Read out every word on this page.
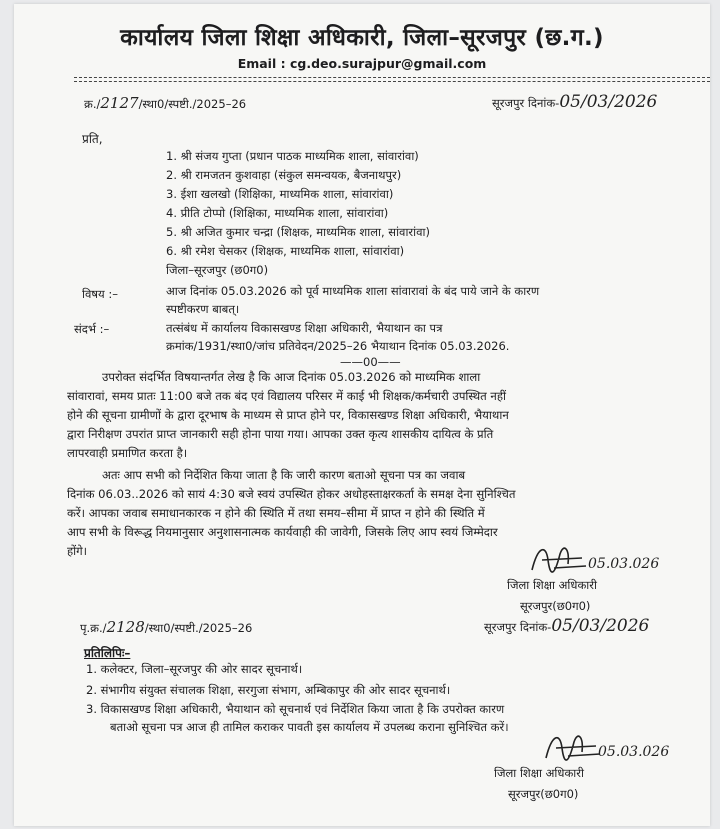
कार्यालय जिला शिक्षा अधिकारी, जिला–सूरजपुर (छ.ग.)
Email : cg.deo.surajpur@gmail.com
क्र./2127/स्था0/स्पष्टी./2025–26	सूरजपुर दिनांक-05/03/2026
प्रति,
1. श्री संजय गुप्ता (प्रधान पाठक माध्यमिक शाला, सांवारांवा)
2. श्री रामजतन कुशवाहा (संकुल समन्वयक, बैजनाथपुर)
3. ईशा खलखो (शिक्षिका, माध्यमिक शाला, सांवारांवा)
4. प्रीति टोप्पो (शिक्षिका, माध्यमिक शाला, सांवारांवा)
5. श्री अजित कुमार चन्द्रा (शिक्षक, माध्यमिक शाला, सांवारांवा)
6. श्री रमेश चेसकर (शिक्षक, माध्यमिक शाला, सांवारांवा)
जिला–सूरजपुर (छ0ग0)
विषय :–	आज दिनांक 05.03.2026 को पूर्व माध्यमिक शाला सांवारावां के बंद पाये जाने के कारण
स्पष्टीकरण बाबत्।
संदर्भ :–	तत्संबंध में कार्यालय विकासखण्ड शिक्षा अधिकारी, भैयाथान का पत्र
क्रमांक/1931/स्था0/जांच प्रतिवेदन/2025–26 भैयाथान दिनांक 05.03.2026.
——00——
उपरोक्त संदर्भित विषयान्तर्गत लेख है कि आज दिनांक 05.03.2026 को माध्यमिक शाला
सांवारावां, समय प्रातः 11:00 बजे तक बंद एवं विद्यालय परिसर में काई भी शिक्षक/कर्मचारी उपस्थित नहीं
होने की सूचना ग्रामीणों के द्वारा दूरभाष के माध्यम से प्राप्त होने पर, विकासखण्ड शिक्षा अधिकारी, भैयाथान
द्वारा निरीक्षण उपरांत प्राप्त जानकारी सही होना पाया गया। आपका उक्त कृत्य शासकीय दायित्व के प्रति
लापरवाही प्रमाणित करता है।
अतः आप सभी को निर्देशित किया जाता है कि जारी कारण बताओ सूचना पत्र का जवाब
दिनांक 06.03..2026 को सायं 4:30 बजे स्वयं उपस्थित होकर अधोहस्ताक्षरकर्ता के समक्ष देना सुनिश्चित
करें। आपका जवाब समाधानकारक न होने की स्थिति में तथा समय–सीमा में प्राप्त न होने की स्थिति में
आप सभी के विरूद्ध नियमानुसार अनुशासनात्मक कार्यवाही की जावेगी, जिसके लिए आप स्वयं जिम्मेदार
होंगे।
05.03.026
जिला शिक्षा अधिकारी
सूरजपुर(छ0ग0)
पृ.क्र./2128/स्था0/स्पष्टी./2025–26	सूरजपुर दिनांक-05/03/2026
प्रतिलिपिः–
1. कलेक्टर, जिला–सूरजपुर की ओर सादर सूचनार्थ।
2. संभागीय संयुक्त संचालक शिक्षा, सरगुजा संभाग, अम्बिकापुर की ओर सादर सूचनार्थ।
3. विकासखण्ड शिक्षा अधिकारी, भैयाथान को सूचनार्थ एवं निर्देशित किया जाता है कि उपरोक्त कारण
बताओ सूचना पत्र आज ही तामिल कराकर पावती इस कार्यालय में उपलब्ध कराना सुनिश्चित करें।
05.03.026
जिला शिक्षा अधिकारी
सूरजपुर(छ0ग0)
